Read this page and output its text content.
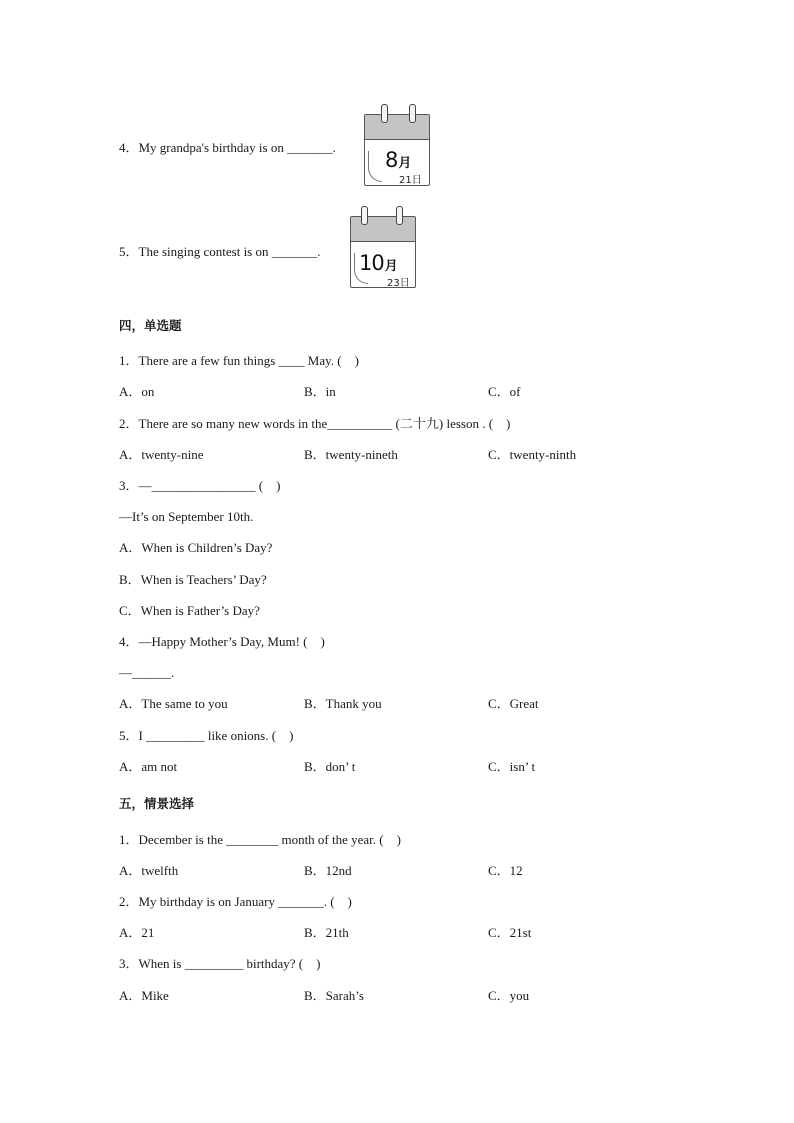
4．My grandpa's birthday is on _______.
8月
21日
5．The singing contest is on _______. 10月
23日
四，单选题
1．There are a few fun things ____ May. (　)
A．on	B．in	C．of
2．There are so many new words in the__________ (二十九) lesson . (　)
A．twenty-nine	B．twenty-nineth	C．twenty-ninth
3．—________________ (　)
—It’s on September 10th.
A．When is Children’s Day?
B．When is Teachers’ Day?
C．When is Father’s Day?
4．—Happy Mother’s Day, Mum! (　)
—______.
A．The same to you	B．Thank you	C．Great
5．I _________ like onions. (　)
A．am not	B．don’ t	C．isn’ t
五，情景选择
1．December is the ________ month of the year. (　)
A．twelfth	B．12nd	C．12
2．My birthday is on January _______. (　)
A．21	B．21th	C．21st
3．When is _________ birthday? (　)
A．Mike	B．Sarah’s	C．you
